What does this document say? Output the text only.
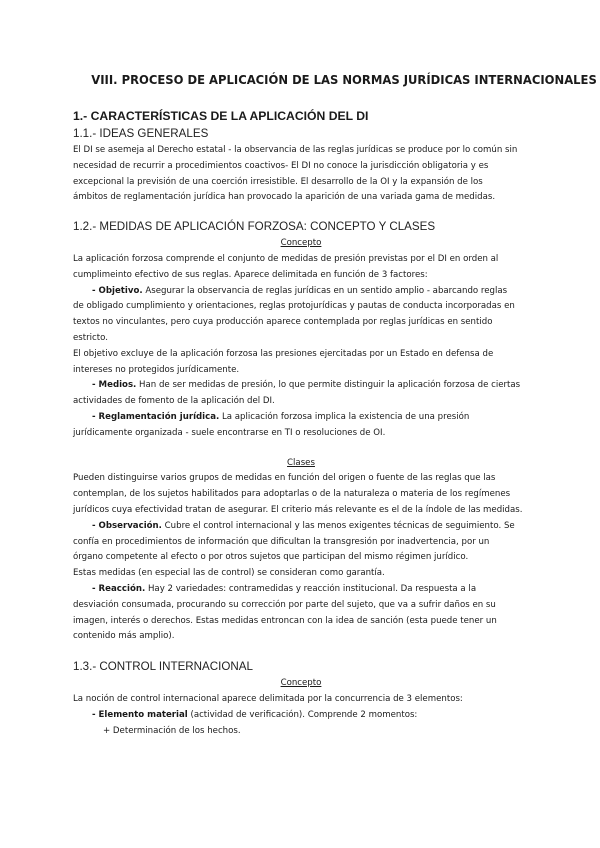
VIII. PROCESO DE APLICACIÓN DE LAS NORMAS JURÍDICAS INTERNACIONALES
1.- CARACTERÍSTICAS DE LA APLICACIÓN DEL DI
1.1.- IDEAS GENERALES

El DI se asemeja al Derecho estatal - la observancia de las reglas jurídicas se produce por lo común sin

necesidad de recurrir a procedimientos coactivos- El DI no conoce la jurisdicción obligatoria y es

excepcional la previsión de una coerción irresistible. El desarrollo de la OI y la expansión de los

ámbitos de reglamentación jurídica han provocado la aparición de una variada gama de medidas.

1.2.- MEDIDAS DE APLICACIÓN FORZOSA: CONCEPTO Y CLASES

Concepto

La aplicación forzosa comprende el conjunto de medidas de presión previstas por el DI en orden al

cumplimeinto efectivo de sus reglas. Aparece delimitada en función de 3 factores:

- Objetivo. Asegurar la observancia de reglas jurídicas en un sentido amplio - abarcando reglas

de obligado cumplimiento y orientaciones, reglas protojurídicas y pautas de conducta incorporadas en

textos no vinculantes, pero cuya producción aparece contemplada por reglas jurídicas en sentido

estricto.

El objetivo excluye de la aplicación forzosa las presiones ejercitadas por un Estado en defensa de

intereses no protegidos jurídicamente.

- Medios. Han de ser medidas de presión, lo que permite distinguir la aplicación forzosa de ciertas

actividades de fomento de la aplicación del DI.

- Reglamentación jurídica. La aplicación forzosa implica la existencia de una presión

jurídicamente organizada - suele encontrarse en TI o resoluciones de OI.

Clases

Pueden distinguirse varios grupos de medidas en función del origen o fuente de las reglas que las

contemplan, de los sujetos habilitados para adoptarlas o de la naturaleza o materia de los regímenes

jurídicos cuya efectividad tratan de asegurar. El criterio más relevante es el de la índole de las medidas.

- Observación. Cubre el control internacional y las menos exigentes técnicas de seguimiento. Se

confía en procedimientos de información que dificultan la transgresión por inadvertencia, por un

órgano competente al efecto o por otros sujetos que participan del mismo régimen jurídico.

Estas medidas (en especial las de control) se consideran como garantía.

- Reacción. Hay 2 variedades: contramedidas y reacción institucional. Da respuesta a la

desviación consumada, procurando su corrección por parte del sujeto, que va a sufrir daños en su

imagen, interés o derechos. Estas medidas entroncan con la idea de sanción (esta puede tener un

contenido más amplio).

1.3.- CONTROL INTERNACIONAL

Concepto

La noción de control internacional aparece delimitada por la concurrencia de 3 elementos:

- Elemento material (actividad de verificación). Comprende 2 momentos:

+ Determinación de los hechos.
